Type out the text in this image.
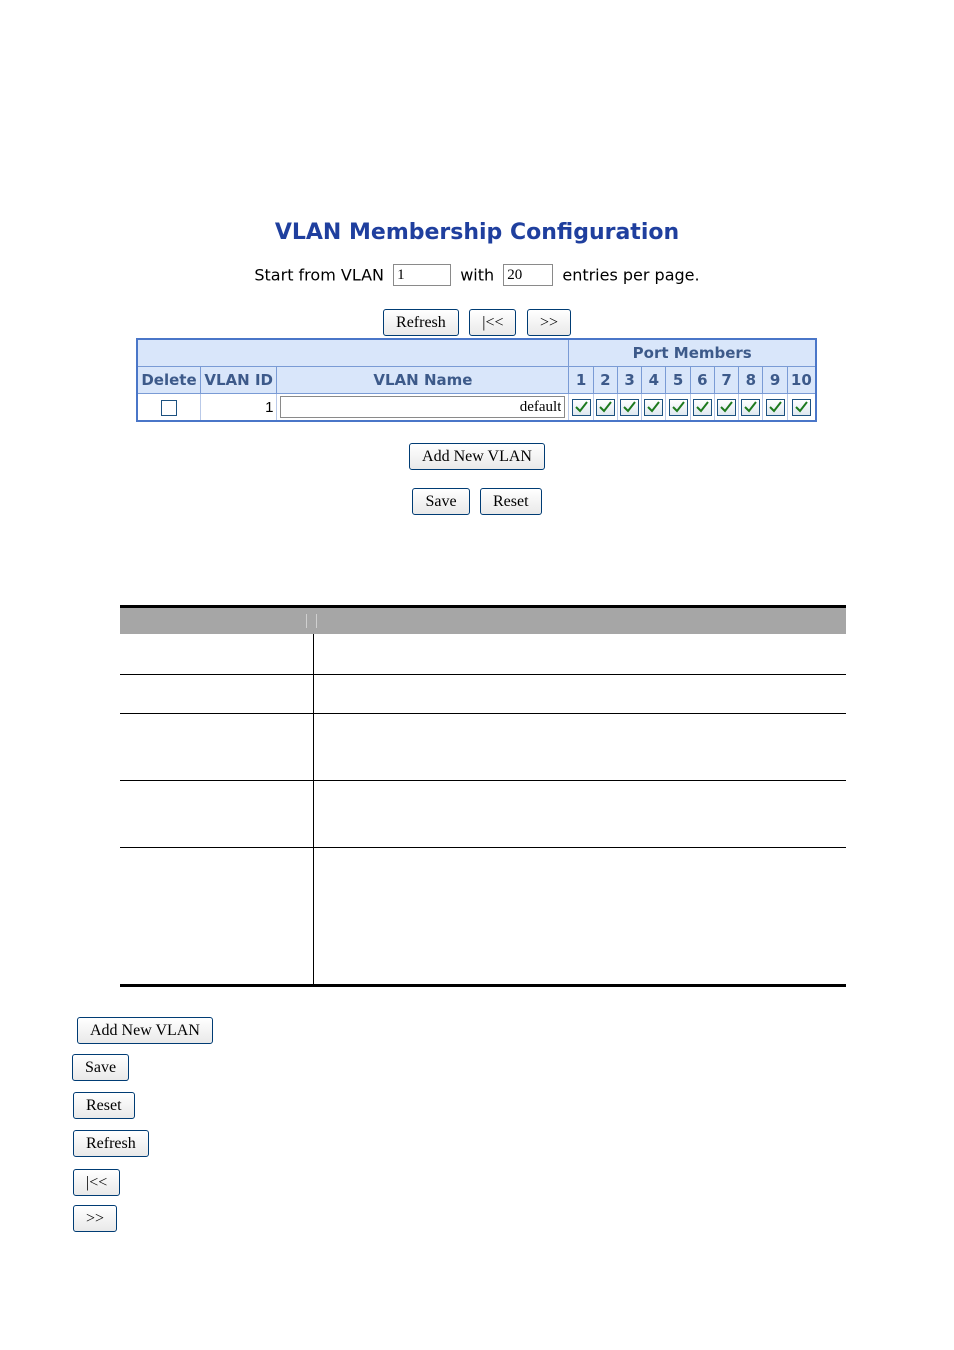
VLAN Membership Configuration
Start from VLAN 1	with 20	entries per page.
Refresh |<< >>
			Port Members									
Delete	VLAN ID	VLAN Name	1	2	3	4	5	6	7	8	9	10
	1	default	

Add New VLAN
Save Reset
Add New VLAN
Save
Reset
Refresh
|<<
>>
